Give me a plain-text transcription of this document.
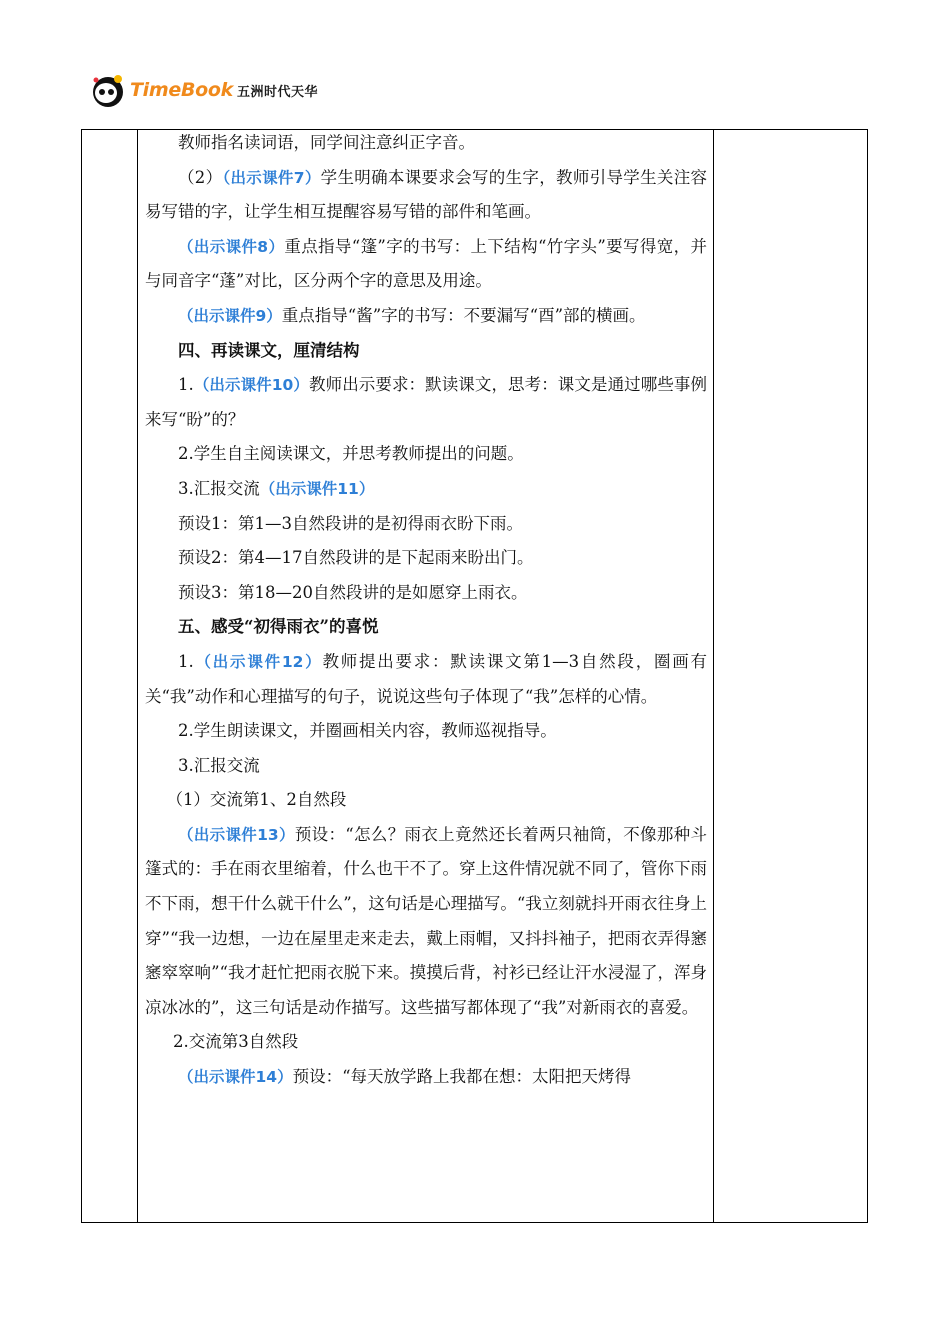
TimeBook 五洲时代天华

教师指名读词语，同学间注意纠正字音。

（2）（出示课件7）学生明确本课要求会写的生字，教师引导学生关注容易写错的字，让学生相互提醒容易写错的部件和笔画。

（出示课件8）重点指导“篷”字的书写：上下结构“竹字头”要写得宽，并与同音字“蓬”对比，区分两个字的意思及用途。

（出示课件9）重点指导“酱”字的书写：不要漏写“酉”部的横画。

四、再读课文，厘清结构

1.（出示课件10）教师出示要求：默读课文，思考：课文是通过哪些事例来写“盼”的？

2.学生自主阅读课文，并思考教师提出的问题。

3.汇报交流（出示课件11）

预设1：第1—3自然段讲的是初得雨衣盼下雨。

预设2：第4—17自然段讲的是下起雨来盼出门。

预设3：第18—20自然段讲的是如愿穿上雨衣。

五、感受“初得雨衣”的喜悦

1.（出示课件12）教师提出要求：默读课文第1—3自然段，圈画有关“我”动作和心理描写的句子，说说这些句子体现了“我”怎样的心情。

2.学生朗读课文，并圈画相关内容，教师巡视指导。

3.汇报交流

（1）交流第1、2自然段

（出示课件13）预设：“怎么？雨衣上竟然还长着两只袖筒，不像那种斗篷式的：手在雨衣里缩着，什么也干不了。穿上这件情况就不同了，管你下雨不下雨，想干什么就干什么”，这句话是心理描写。“我立刻就抖开雨衣往身上穿”“我一边想，一边在屋里走来走去，戴上雨帽，又抖抖袖子，把雨衣弄得窸窸窣窣响”“我才赶忙把雨衣脱下来。摸摸后背，衬衫已经让汗水浸湿了，浑身凉冰冰的”，这三句话是动作描写。这些描写都体现了“我”对新雨衣的喜爱。

2.交流第3自然段

（出示课件14）预设：“每天放学路上我都在想：太阳把天烤得
